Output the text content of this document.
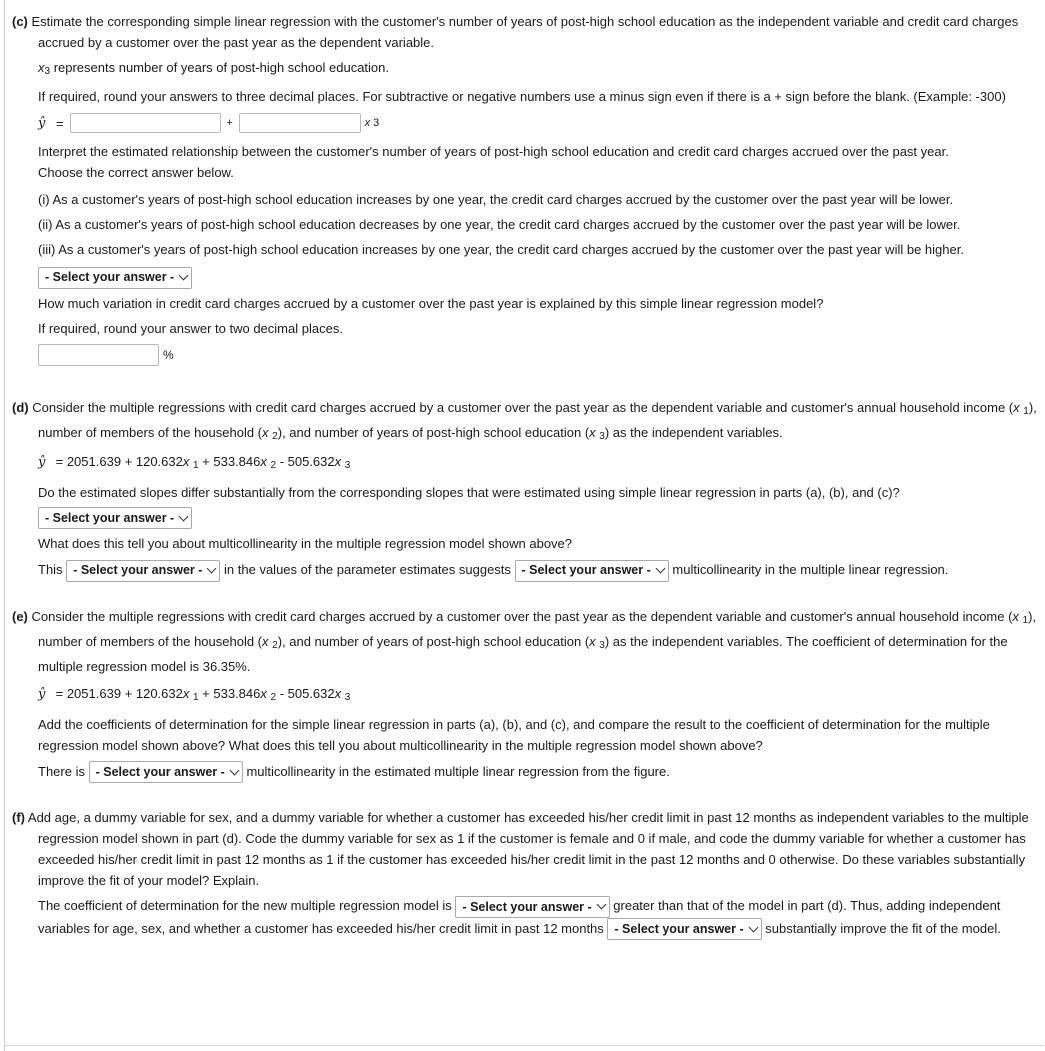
(c) Estimate the corresponding simple linear regression with the customer's number of years of post-high school education as the independent variable and credit card charges accrued by a customer over the past year as the dependent variable.
$x_3$ represents number of years of post-high school education.
If required, round your answers to three decimal places. For subtractive or negative numbers use a minus sign even if there is a + sign before the blank. (Example: -300)
ŷ =	+	x 3
Interpret the estimated relationship between the customer's number of years of post-high school education and credit card charges accrued over the past year.
Choose the correct answer below.
(i) As a customer's years of post-high school education increases by one year, the credit card charges accrued by the customer over the past year will be lower.
(ii) As a customer's years of post-high school education decreases by one year, the credit card charges accrued by the customer over the past year will be lower.
(iii) As a customer's years of post-high school education increases by one year, the credit card charges accrued by the customer over the past year will be higher.
- Select your answer -
How much variation in credit card charges accrued by a customer over the past year is explained by this simple linear regression model?
If required, round your answer to two decimal places.
%
(d) Consider the multiple regressions with credit card charges accrued by a customer over the past year as the dependent variable and customer's annual household income (x $_1$), number of members of the household (x $_2$), and number of years of post-high school education (x $_3$) as the independent variables.
ŷ = 2051.639 + 120.632x $_1$ + 533.846x $_2$ - 505.632x $_3$
Do the estimated slopes differ substantially from the corresponding slopes that were estimated using simple linear regression in parts (a), (b), and (c)?
- Select your answer -
What does this tell you about multicollinearity in the multiple regression model shown above?
This - Select your answer - in the values of the parameter estimates suggests - Select your answer - multicollinearity in the multiple linear regression.
(e) Consider the multiple regressions with credit card charges accrued by a customer over the past year as the dependent variable and customer's annual household income (x $_1$), number of members of the household (x $_2$), and number of years of post-high school education (x $_3$) as the independent variables. The coefficient of determination for the multiple regression model is 36.35%.
ŷ = 2051.639 + 120.632x $_1$ + 533.846x $_2$ - 505.632x $_3$
Add the coefficients of determination for the simple linear regression in parts (a), (b), and (c), and compare the result to the coefficient of determination for the multiple regression model shown above? What does this tell you about multicollinearity in the multiple regression model shown above?
There is - Select your answer - multicollinearity in the estimated multiple linear regression from the figure.
(f) Add age, a dummy variable for sex, and a dummy variable for whether a customer has exceeded his/her credit limit in past 12 months as independent variables to the multiple regression model shown in part (d). Code the dummy variable for sex as 1 if the customer is female and 0 if male, and code the dummy variable for whether a customer has exceeded his/her credit limit in past 12 months as 1 if the customer has exceeded his/her credit limit in the past 12 months and 0 otherwise. Do these variables substantially improve the fit of your model? Explain.
The coefficient of determination for the new multiple regression model is - Select your answer - greater than that of the model in part (d). Thus, adding independent variables for age, sex, and whether a customer has exceeded his/her credit limit in past 12 months - Select your answer - substantially improve the fit of the model.
